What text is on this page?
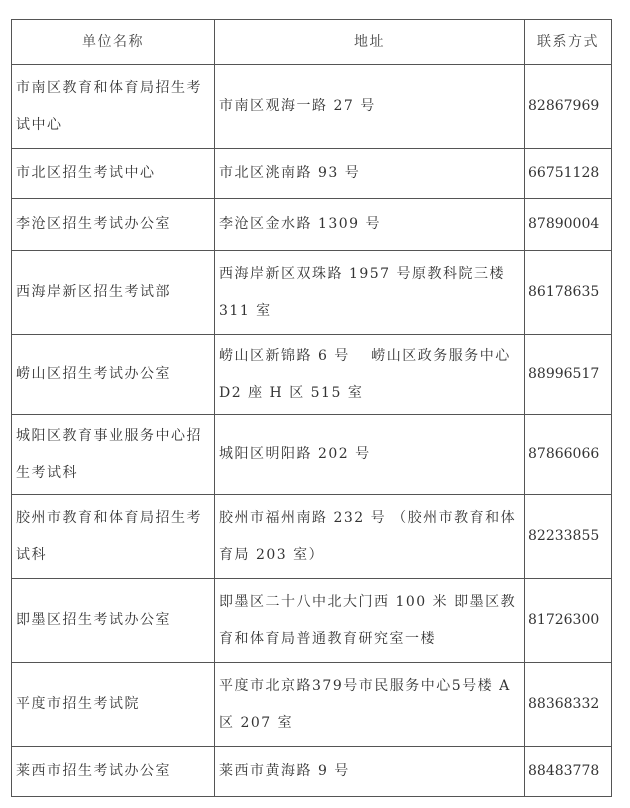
单位名称	地址	联系方式
市南区教育和体育局招生考试中心	市南区观海一路 27 号	82867969
市北区招生考试中心	市北区洮南路 93 号	66751128
李沧区招生考试办公室	李沧区金水路 1309 号	87890004
西海岸新区招生考试部	西海岸新区双珠路 1957 号原教科院三楼 311 室	86178635
崂山区招生考试办公室	崂山区新锦路 6 号　 崂山区政务服务中心 D2 座 H 区 515 室	88996517
城阳区教育事业服务中心招生考试科	城阳区明阳路 202 号	87866066
胶州市教育和体育局招生考试科	胶州市福州南路 232 号 （胶州市教育和体育局 203 室）	82233855
即墨区招生考试办公室	即墨区二十八中北大门西 100 米 即墨区教育和体育局普通教育研究室一楼	81726300
平度市招生考试院	平度市北京路379号市民服务中心5号楼 A 区 207 室	88368332
莱西市招生考试办公室	莱西市黄海路 9 号	88483778
